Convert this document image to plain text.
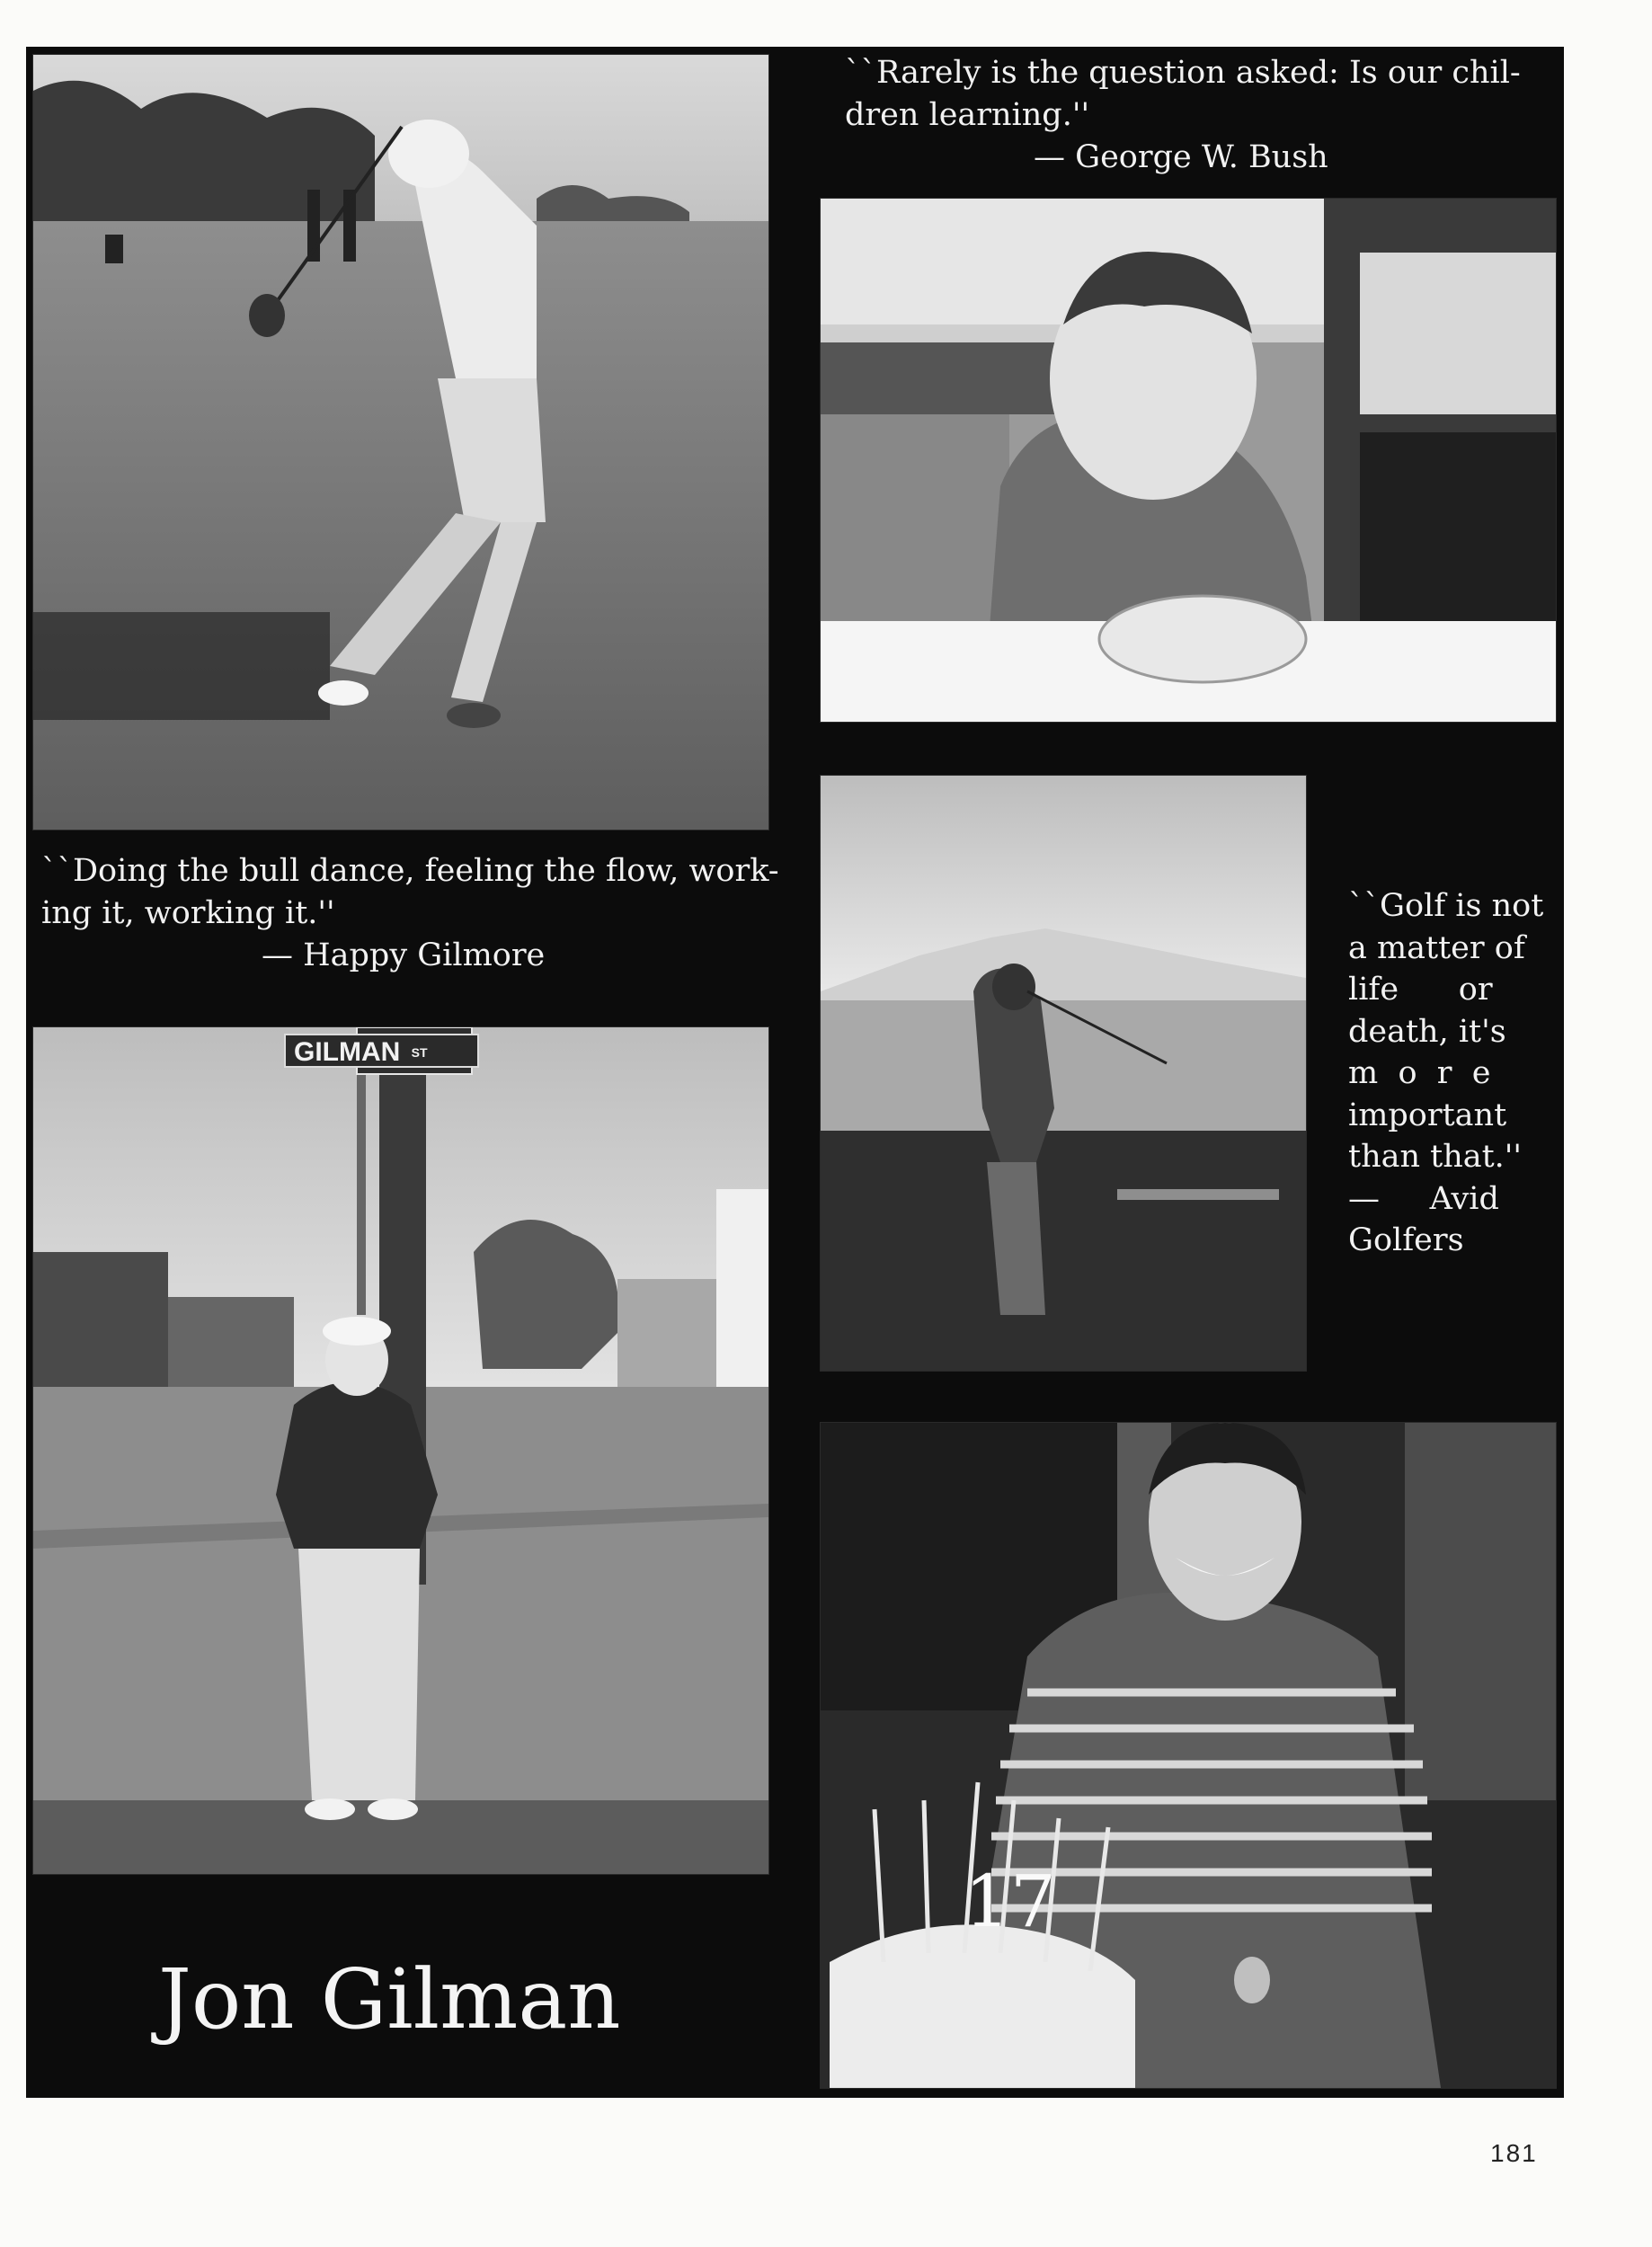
``Rarely is the question asked: Is our chil-
dren learning.''
— George W. Bush
``Doing the bull dance, feeling the flow, work-
ing it, working it.''
— Happy Gilmore
``Golf is not
a matter of
life      or
death, it's
m  o  r  e
important
than that.''
—     Avid
Golfers
GILMAN $^{ST}$
17
Jon Gilman
181
